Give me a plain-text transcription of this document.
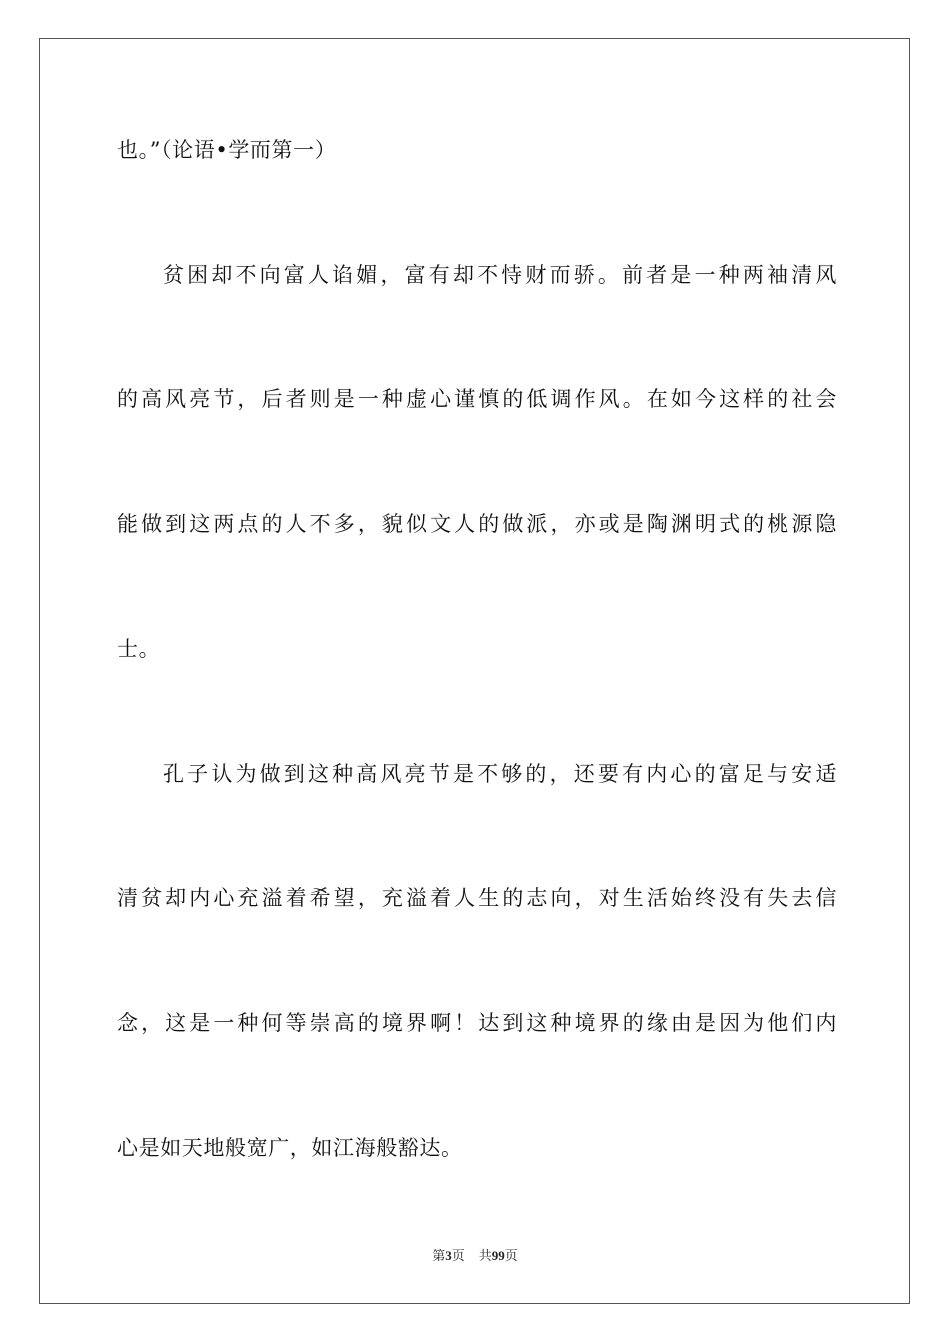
也。”（论语•学而第一）
贫困却不向富人谄媚，富有却不恃财而骄。前者是一种两袖清风
的高风亮节，后者则是一种虚心谨慎的低调作风。在如今这样的社会
能做到这两点的人不多，貌似文人的做派，亦或是陶渊明式的桃源隐
士。
孔子认为做到这种高风亮节是不够的，还要有内心的富足与安适
清贫却内心充溢着希望，充溢着人生的志向，对生活始终没有失去信
念，这是一种何等崇高的境界啊！达到这种境界的缘由是因为他们内
心是如天地般宽广，如江海般豁达。
第3页 共99页
